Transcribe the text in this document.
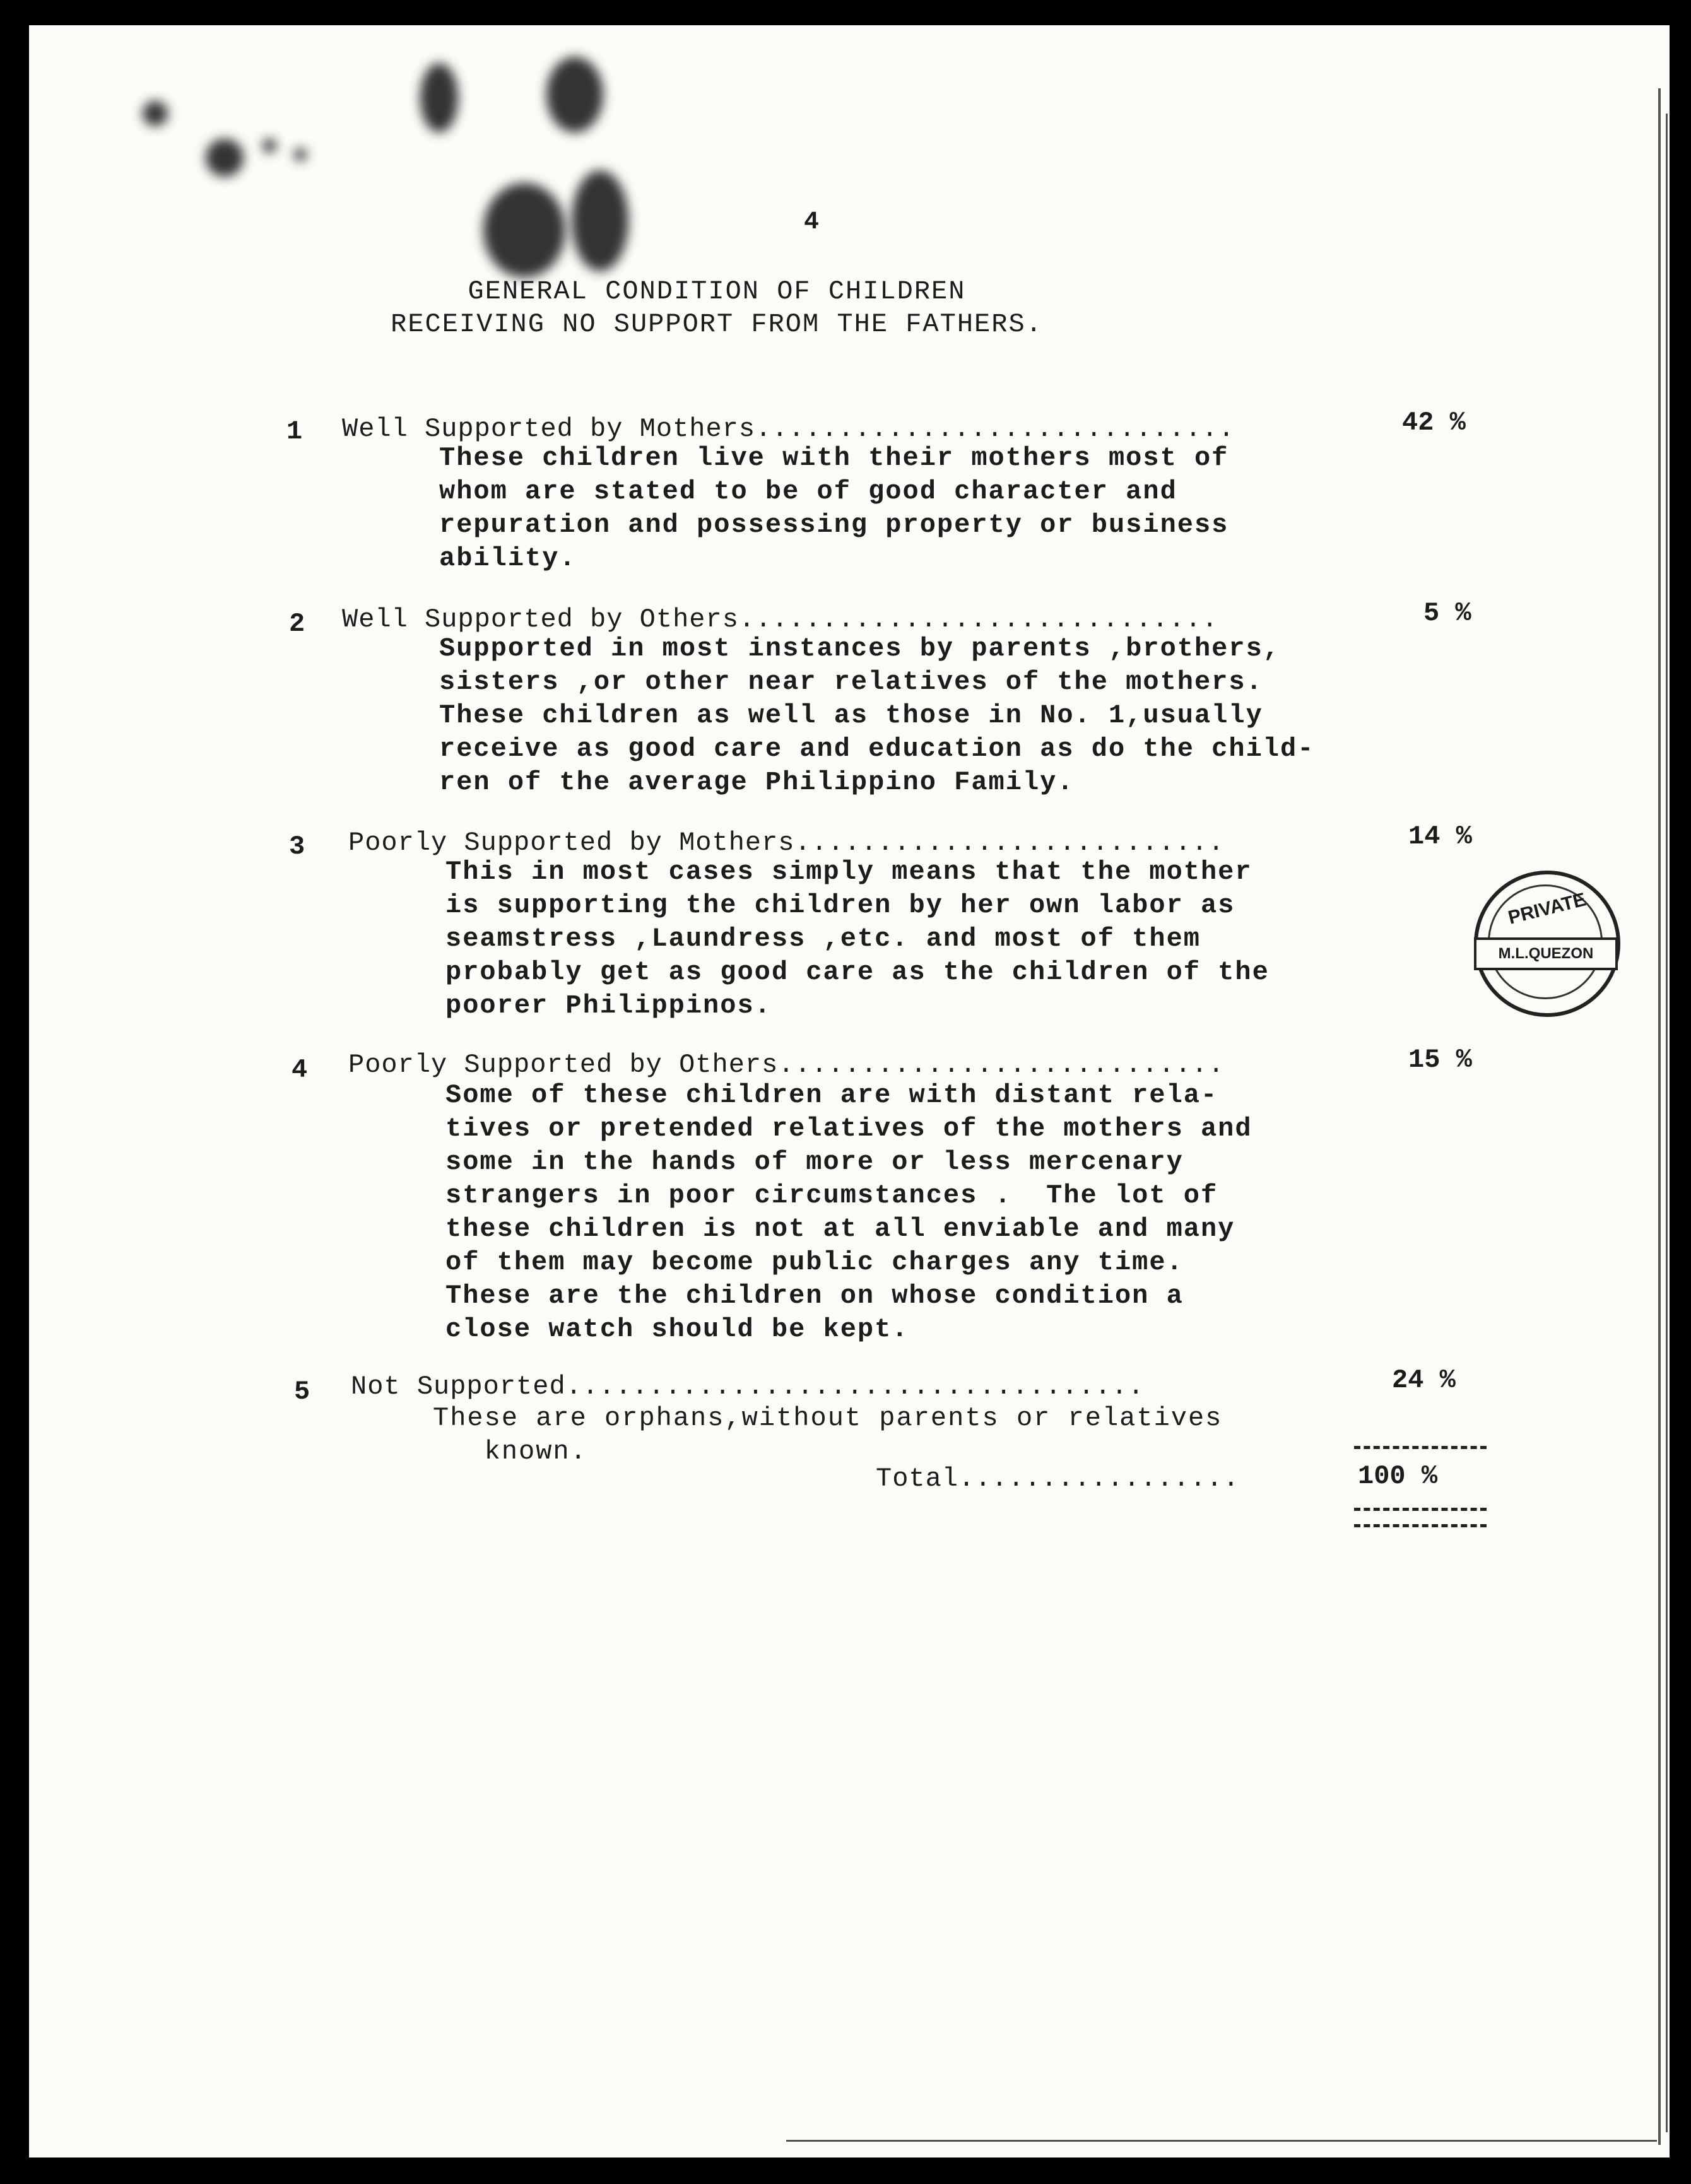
4
GENERAL CONDITION OF CHILDREN
RECEIVING NO SUPPORT FROM THE FATHERS.
1 Well Supported by Mothers.............................	42 %
These children live with their mothers most of
whom are stated to be of good character and
repuration and possessing property or business
ability.
2 Well Supported by Others.............................	5 %
Supported in most instances by parents ,brothers,
sisters ,or other near relatives of the mothers.
These children as well as those in No. 1,usually
receive as good care and education as do the child-
ren of the average Philippino Family.
3 Poorly Supported by Mothers..........................	14 %
This in most cases simply means that the mother
is supporting the children by her own labor as
seamstress ,Laundress ,etc. and most of them
probably get as good care as the children of the
poorer Philippinos.
4 Poorly Supported by Others...........................	15 %
Some of these children are with distant rela-
tives or pretended relatives of the mothers and
some in the hands of more or less mercenary
strangers in poor circumstances .  The lot of
these children is not at all enviable and many
of them may become public charges any time.
These are the children on whose condition a
close watch should be kept.
5 Not Supported...................................	24 %
These are orphans,without parents or relatives
known.
Total.................	100 %
PRIVATE
M.L.QUEZON
